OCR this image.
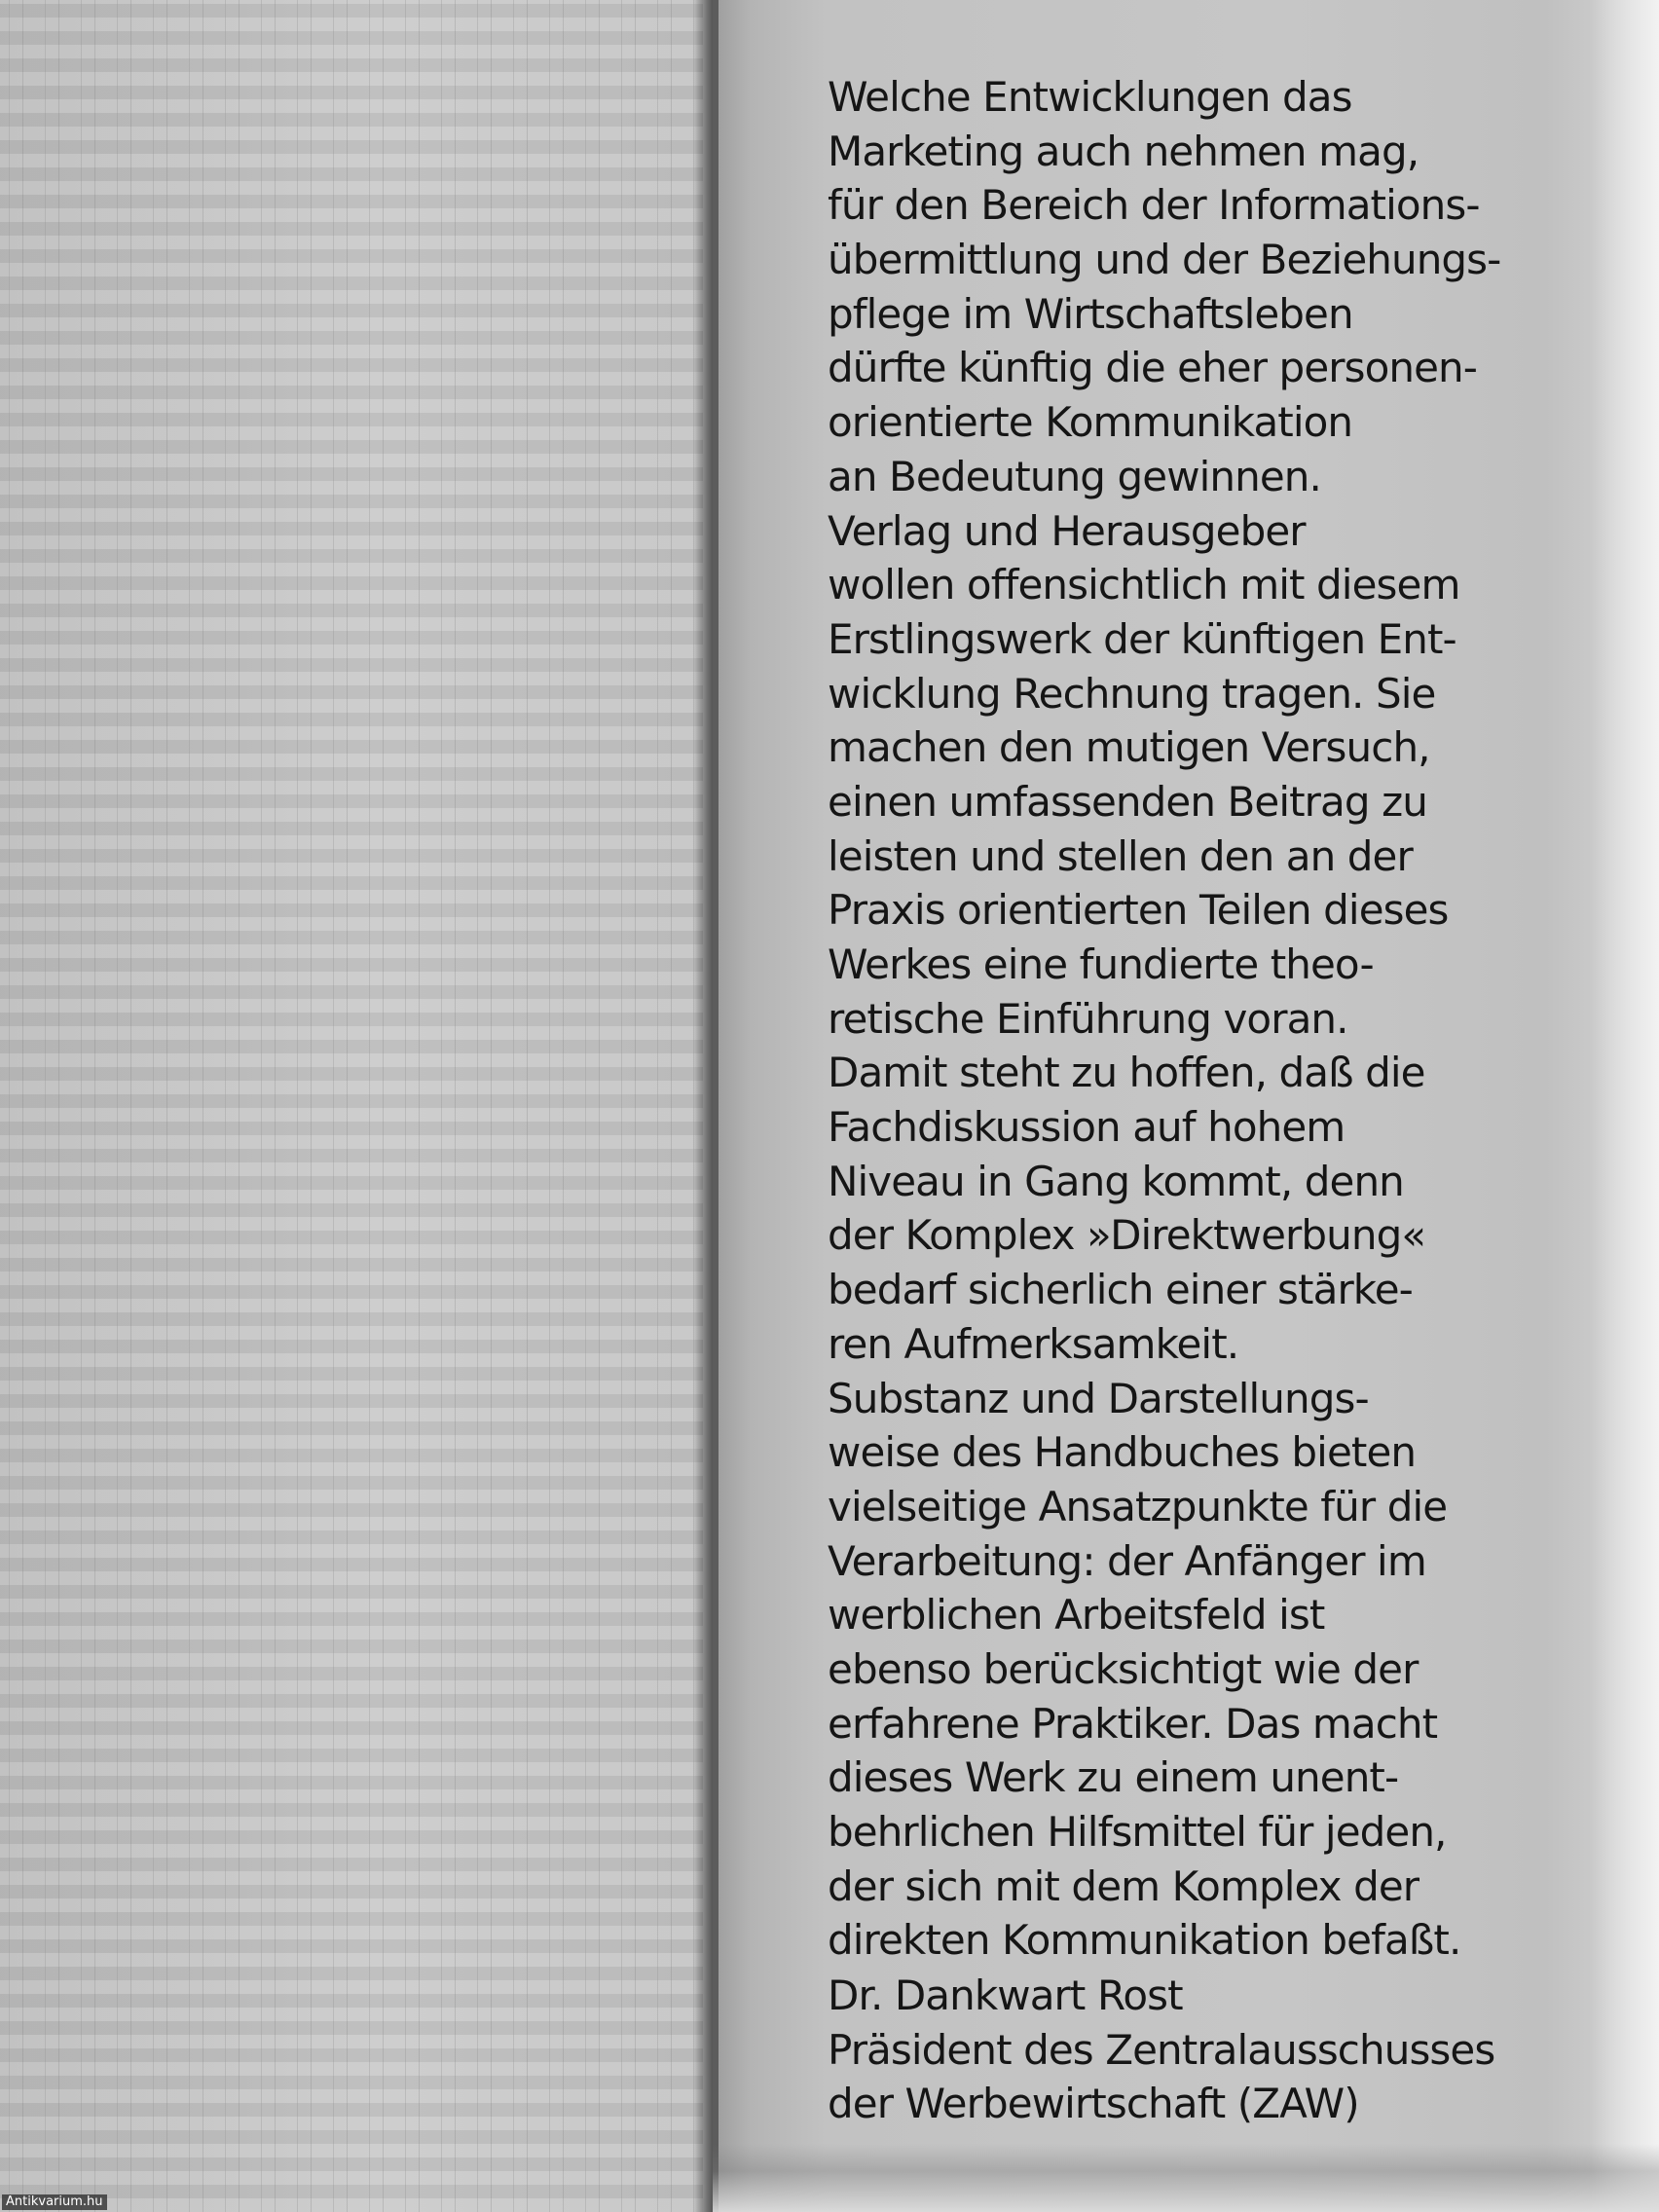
Welche Entwicklungen das
Marketing auch nehmen mag,
für den Bereich der Informations-
übermittlung und der Beziehungs-
pflege im Wirtschaftsleben
dürfte künftig die eher personen-
orientierte Kommunikation
an Bedeutung gewinnen.
Verlag und Herausgeber
wollen offensichtlich mit diesem
Erstlingswerk der künftigen Ent-
wicklung Rechnung tragen. Sie
machen den mutigen Versuch,
einen umfassenden Beitrag zu
leisten und stellen den an der
Praxis orientierten Teilen dieses
Werkes eine fundierte theo-
retische Einführung voran.
Damit steht zu hoffen, daß die
Fachdiskussion auf hohem
Niveau in Gang kommt, denn
der Komplex »Direktwerbung«
bedarf sicherlich einer stärke-
ren Aufmerksamkeit.
Substanz und Darstellungs-
weise des Handbuches bieten
vielseitige Ansatzpunkte für die
Verarbeitung: der Anfänger im
werblichen Arbeitsfeld ist
ebenso berücksichtigt wie der
erfahrene Praktiker. Das macht
dieses Werk zu einem unent-
behrlichen Hilfsmittel für jeden,
der sich mit dem Komplex der
direkten Kommunikation befaßt.
Dr. Dankwart Rost
Präsident des Zentralausschusses
der Werbewirtschaft (ZAW)
Antikvarium.hu
